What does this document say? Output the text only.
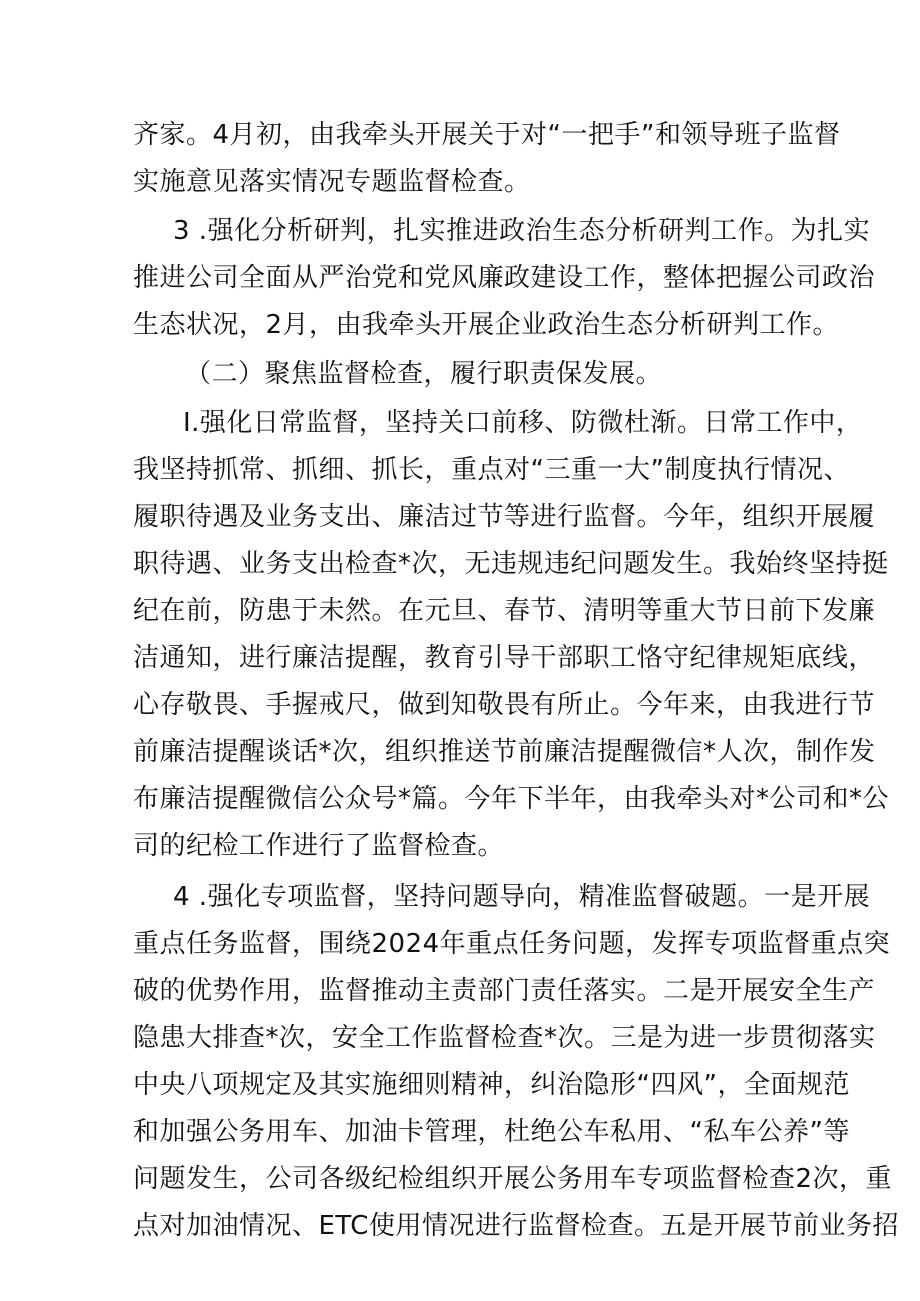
齐家。4月初，由我牵头开展关于对“一把手”和领导班子监督
实施意见落实情况专题监督检查。
3 .强化分析研判，扎实推进政治生态分析研判工作。为扎实
推进公司全面从严治党和党风廉政建设工作，整体把握公司政治
生态状况，2月，由我牵头开展企业政治生态分析研判工作。
（二）聚焦监督检查，履行职责保发展。
I.强化日常监督，坚持关口前移、防微杜渐。日常工作中，
我坚持抓常、抓细、抓长，重点对“三重一大”制度执行情况、
履职待遇及业务支出、廉洁过节等进行监督。今年，组织开展履
职待遇、业务支出检查*次，无违规违纪问题发生。我始终坚持挺
纪在前，防患于未然。在元旦、春节、清明等重大节日前下发廉
洁通知，进行廉洁提醒，教育引导干部职工恪守纪律规矩底线，
心存敬畏、手握戒尺，做到知敬畏有所止。今年来，由我进行节
前廉洁提醒谈话*次，组织推送节前廉洁提醒微信*人次，制作发
布廉洁提醒微信公众号*篇。今年下半年，由我牵头对*公司和*公
司的纪检工作进行了监督检查。
4 .强化专项监督，坚持问题导向，精准监督破题。一是开展
重点任务监督，围绕2024年重点任务问题，发挥专项监督重点突
破的优势作用，监督推动主责部门责任落实。二是开展安全生产
隐患大排查*次，安全工作监督检查*次。三是为进一步贯彻落实
中央八项规定及其实施细则精神，纠治隐形“四风”，全面规范
和加强公务用车、加油卡管理，杜绝公车私用、“私车公养”等
问题发生，公司各级纪检组织开展公务用车专项监督检查2次，重
点对加油情况、ETC使用情况进行监督检查。五是开展节前业务招
